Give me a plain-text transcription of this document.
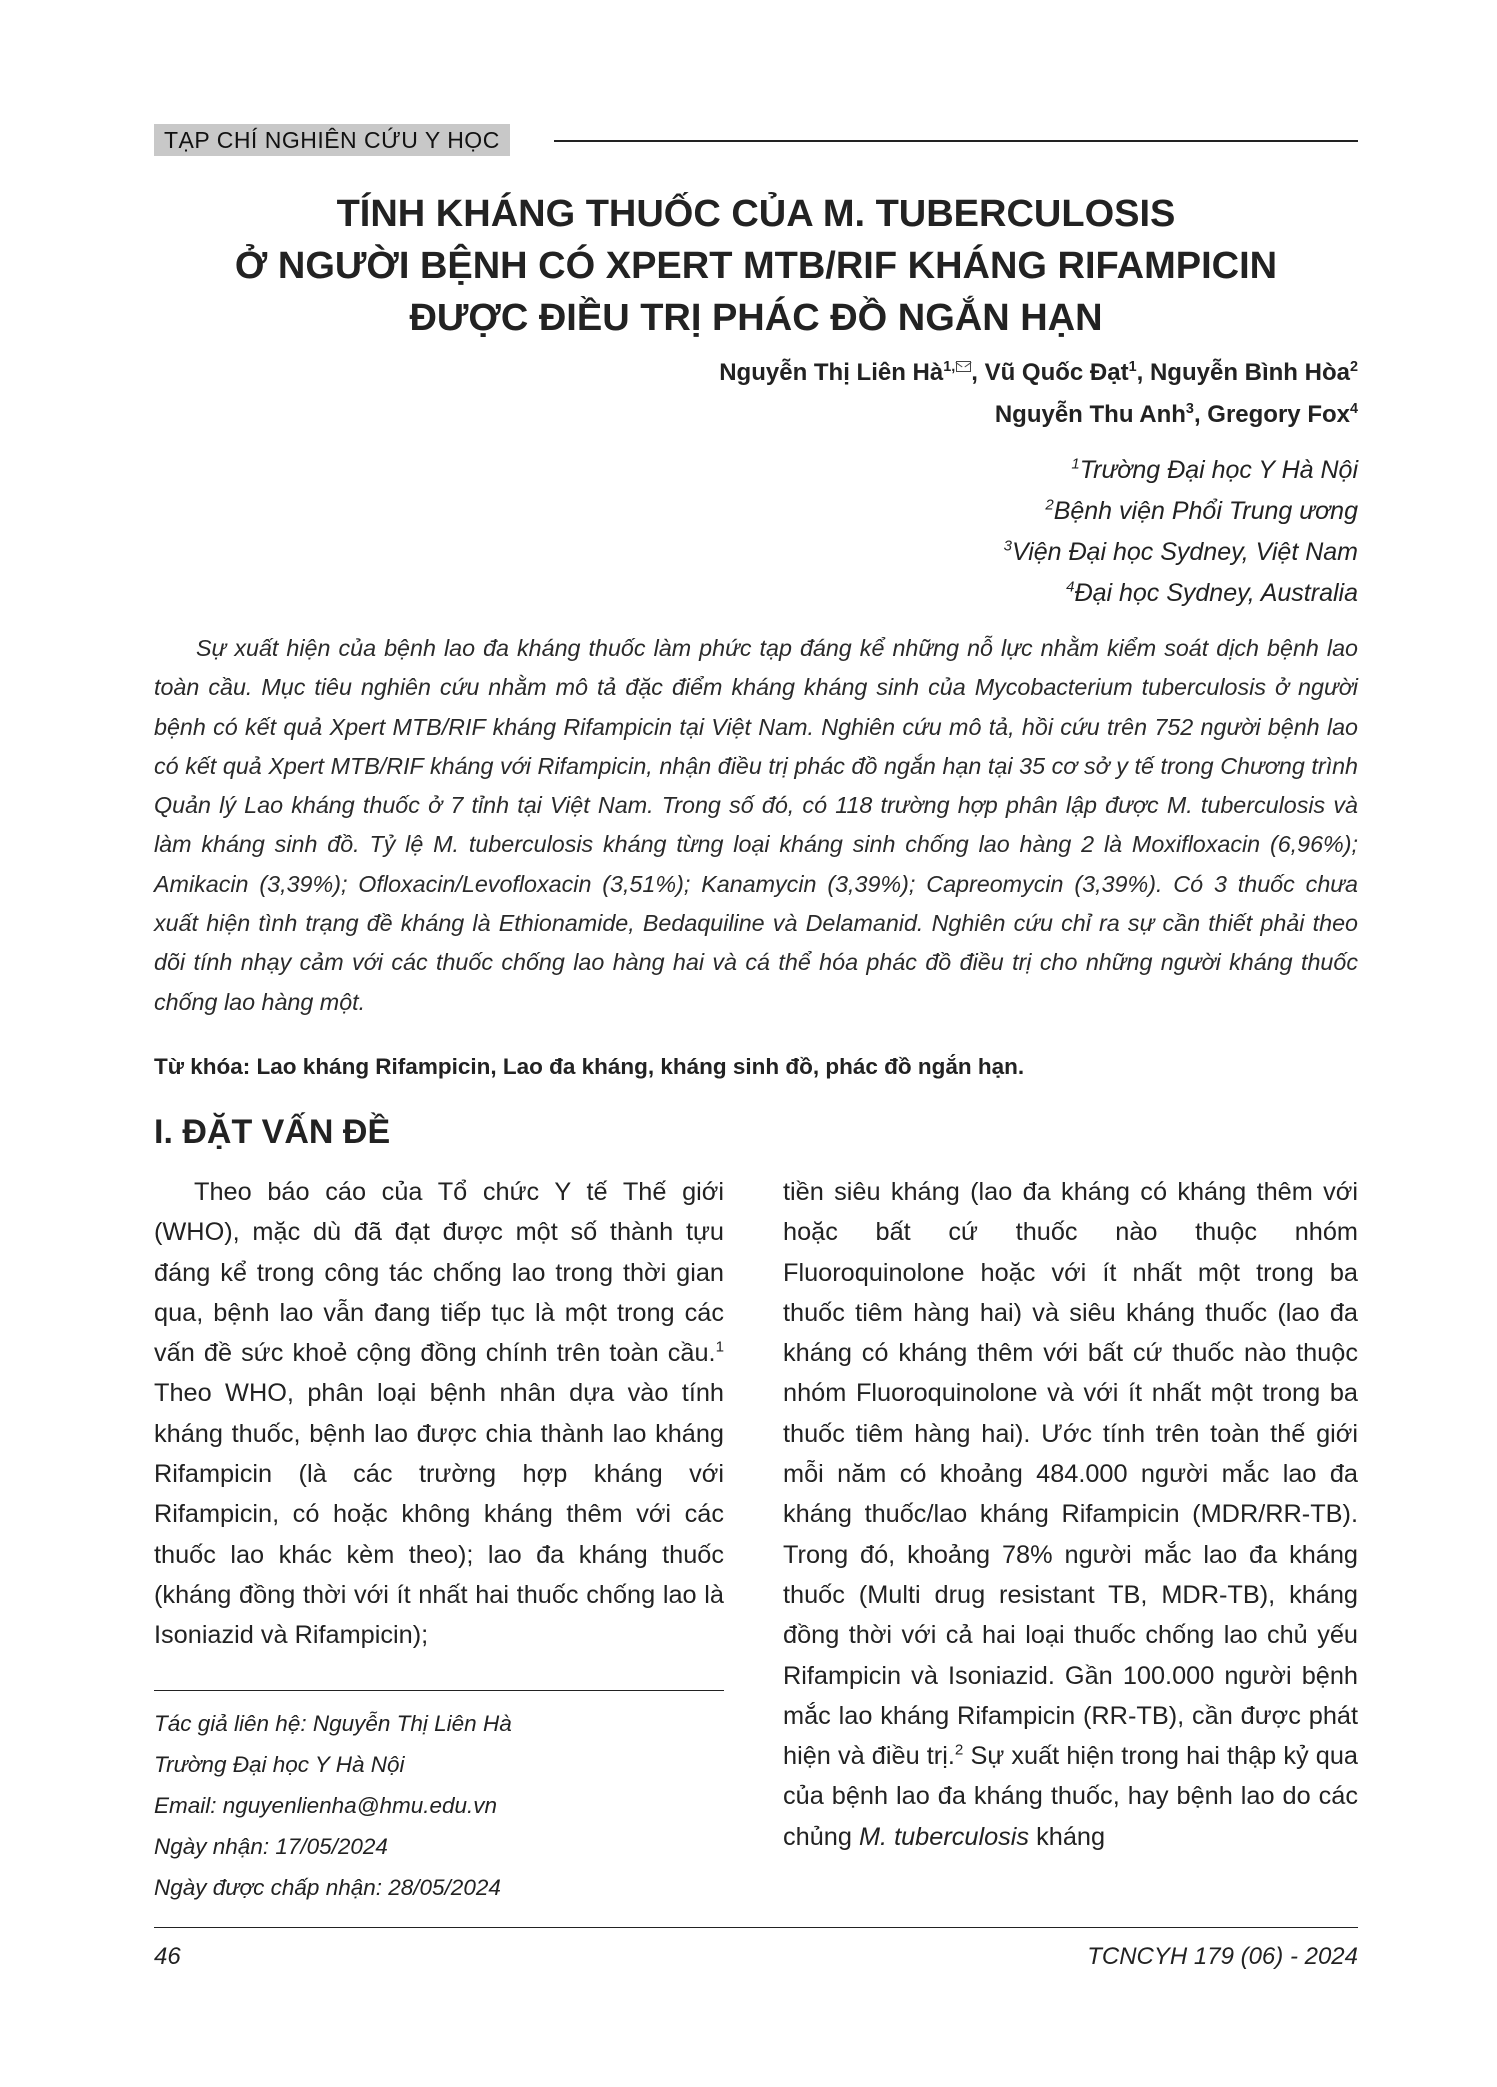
TẠP CHÍ NGHIÊN CỨU Y HỌC
TÍNH KHÁNG THUỐC CỦA M. TUBERCULOSIS
Ở NGƯỜI BỆNH CÓ XPERT MTB/RIF KHÁNG RIFAMPICIN
ĐƯỢC ĐIỀU TRỊ PHÁC ĐỒ NGẮN HẠN
Nguyễn Thị Liên $Hà^{1,}$ , Vũ Quốc Đạt$^1$, Nguyễn Bình Hòa$^2$
Nguyễn Thu Anh$^3$, Gregory Fox$^4$
$^1$Trường Đại học Y Hà Nội
$^2$Bệnh viện Phổi Trung ương
$^3$Viện Đại học Sydney, Việt Nam
$^4$Đại học Sydney, Australia
Sự xuất hiện của bệnh lao đa kháng thuốc làm phức tạp đáng kể những nỗ lực nhằm kiểm soát dịch bệnh lao toàn cầu. Mục tiêu nghiên cứu nhằm mô tả đặc điểm kháng kháng sinh của Mycobacterium tuberculosis ở người bệnh có kết quả Xpert MTB/RIF kháng Rifampicin tại Việt Nam. Nghiên cứu mô tả, hồi cứu trên 752 người bệnh lao có kết quả Xpert MTB/RIF kháng với Rifampicin, nhận điều trị phác đồ ngắn hạn tại 35 cơ sở y tế trong Chương trình Quản lý Lao kháng thuốc ở 7 tỉnh tại Việt Nam. Trong số đó, có 118 trường hợp phân lập được M. tuberculosis và làm kháng sinh đồ. Tỷ lệ M. tuberculosis kháng từng loại kháng sinh chống lao hàng 2 là Moxifloxacin (6,96%); Amikacin (3,39%); Ofloxacin/Levofloxacin (3,51%); Kanamycin (3,39%); Capreomycin (3,39%). Có 3 thuốc chưa xuất hiện tình trạng đề kháng là Ethionamide, Bedaquiline và Delamanid. Nghiên cứu chỉ ra sự cần thiết phải theo dõi tính nhạy cảm với các thuốc chống lao hàng hai và cá thể hóa phác đồ điều trị cho những người kháng thuốc chống lao hàng một.
Từ khóa: Lao kháng Rifampicin, Lao đa kháng, kháng sinh đồ, phác đồ ngắn hạn.
I. ĐẶT VẤN ĐỀ
Theo báo cáo của Tổ chức Y tế Thế giới (WHO), mặc dù đã đạt được một số thành tựu đáng kể trong công tác chống lao trong thời gian qua, bệnh lao vẫn đang tiếp tục là một trong các vấn đề sức khoẻ cộng đồng chính trên toàn cầu.$^1$ Theo WHO, phân loại bệnh nhân dựa vào tính kháng thuốc, bệnh lao được chia thành lao kháng Rifampicin (là các trường hợp kháng với Rifampicin, có hoặc không kháng thêm với các thuốc lao khác kèm theo); lao đa kháng thuốc (kháng đồng thời với ít nhất hai thuốc chống lao là Isoniazid và Rifampicin);
tiền siêu kháng (lao đa kháng có kháng thêm với hoặc bất cứ thuốc nào thuộc nhóm Fluoroquinolone hoặc với ít nhất một trong ba thuốc tiêm hàng hai) và siêu kháng thuốc (lao đa kháng có kháng thêm với bất cứ thuốc nào thuộc nhóm Fluoroquinolone và với ít nhất một trong ba thuốc tiêm hàng hai). Ước tính trên toàn thế giới mỗi năm có khoảng 484.000 người mắc lao đa kháng thuốc/lao kháng Rifampicin (MDR/RR-TB). Trong đó, khoảng 78% người mắc lao đa kháng thuốc (Multi drug resistant TB, MDR-TB), kháng đồng thời với cả hai loại thuốc chống lao chủ yếu Rifampicin và Isoniazid. Gần 100.000 người bệnh mắc lao kháng Rifampicin (RR-TB), cần được phát hiện và điều trị.$^2$ Sự xuất hiện trong hai thập kỷ qua của bệnh lao đa kháng thuốc, hay bệnh lao do các chủng M. tuberculosis kháng
Tác giả liên hệ: Nguyễn Thị Liên Hà
Trường Đại học Y Hà Nội
Email: nguyenlienha@hmu.edu.vn
Ngày nhận: 17/05/2024
Ngày được chấp nhận: 28/05/2024
46	TCNCYH 179 (06) - 2024
